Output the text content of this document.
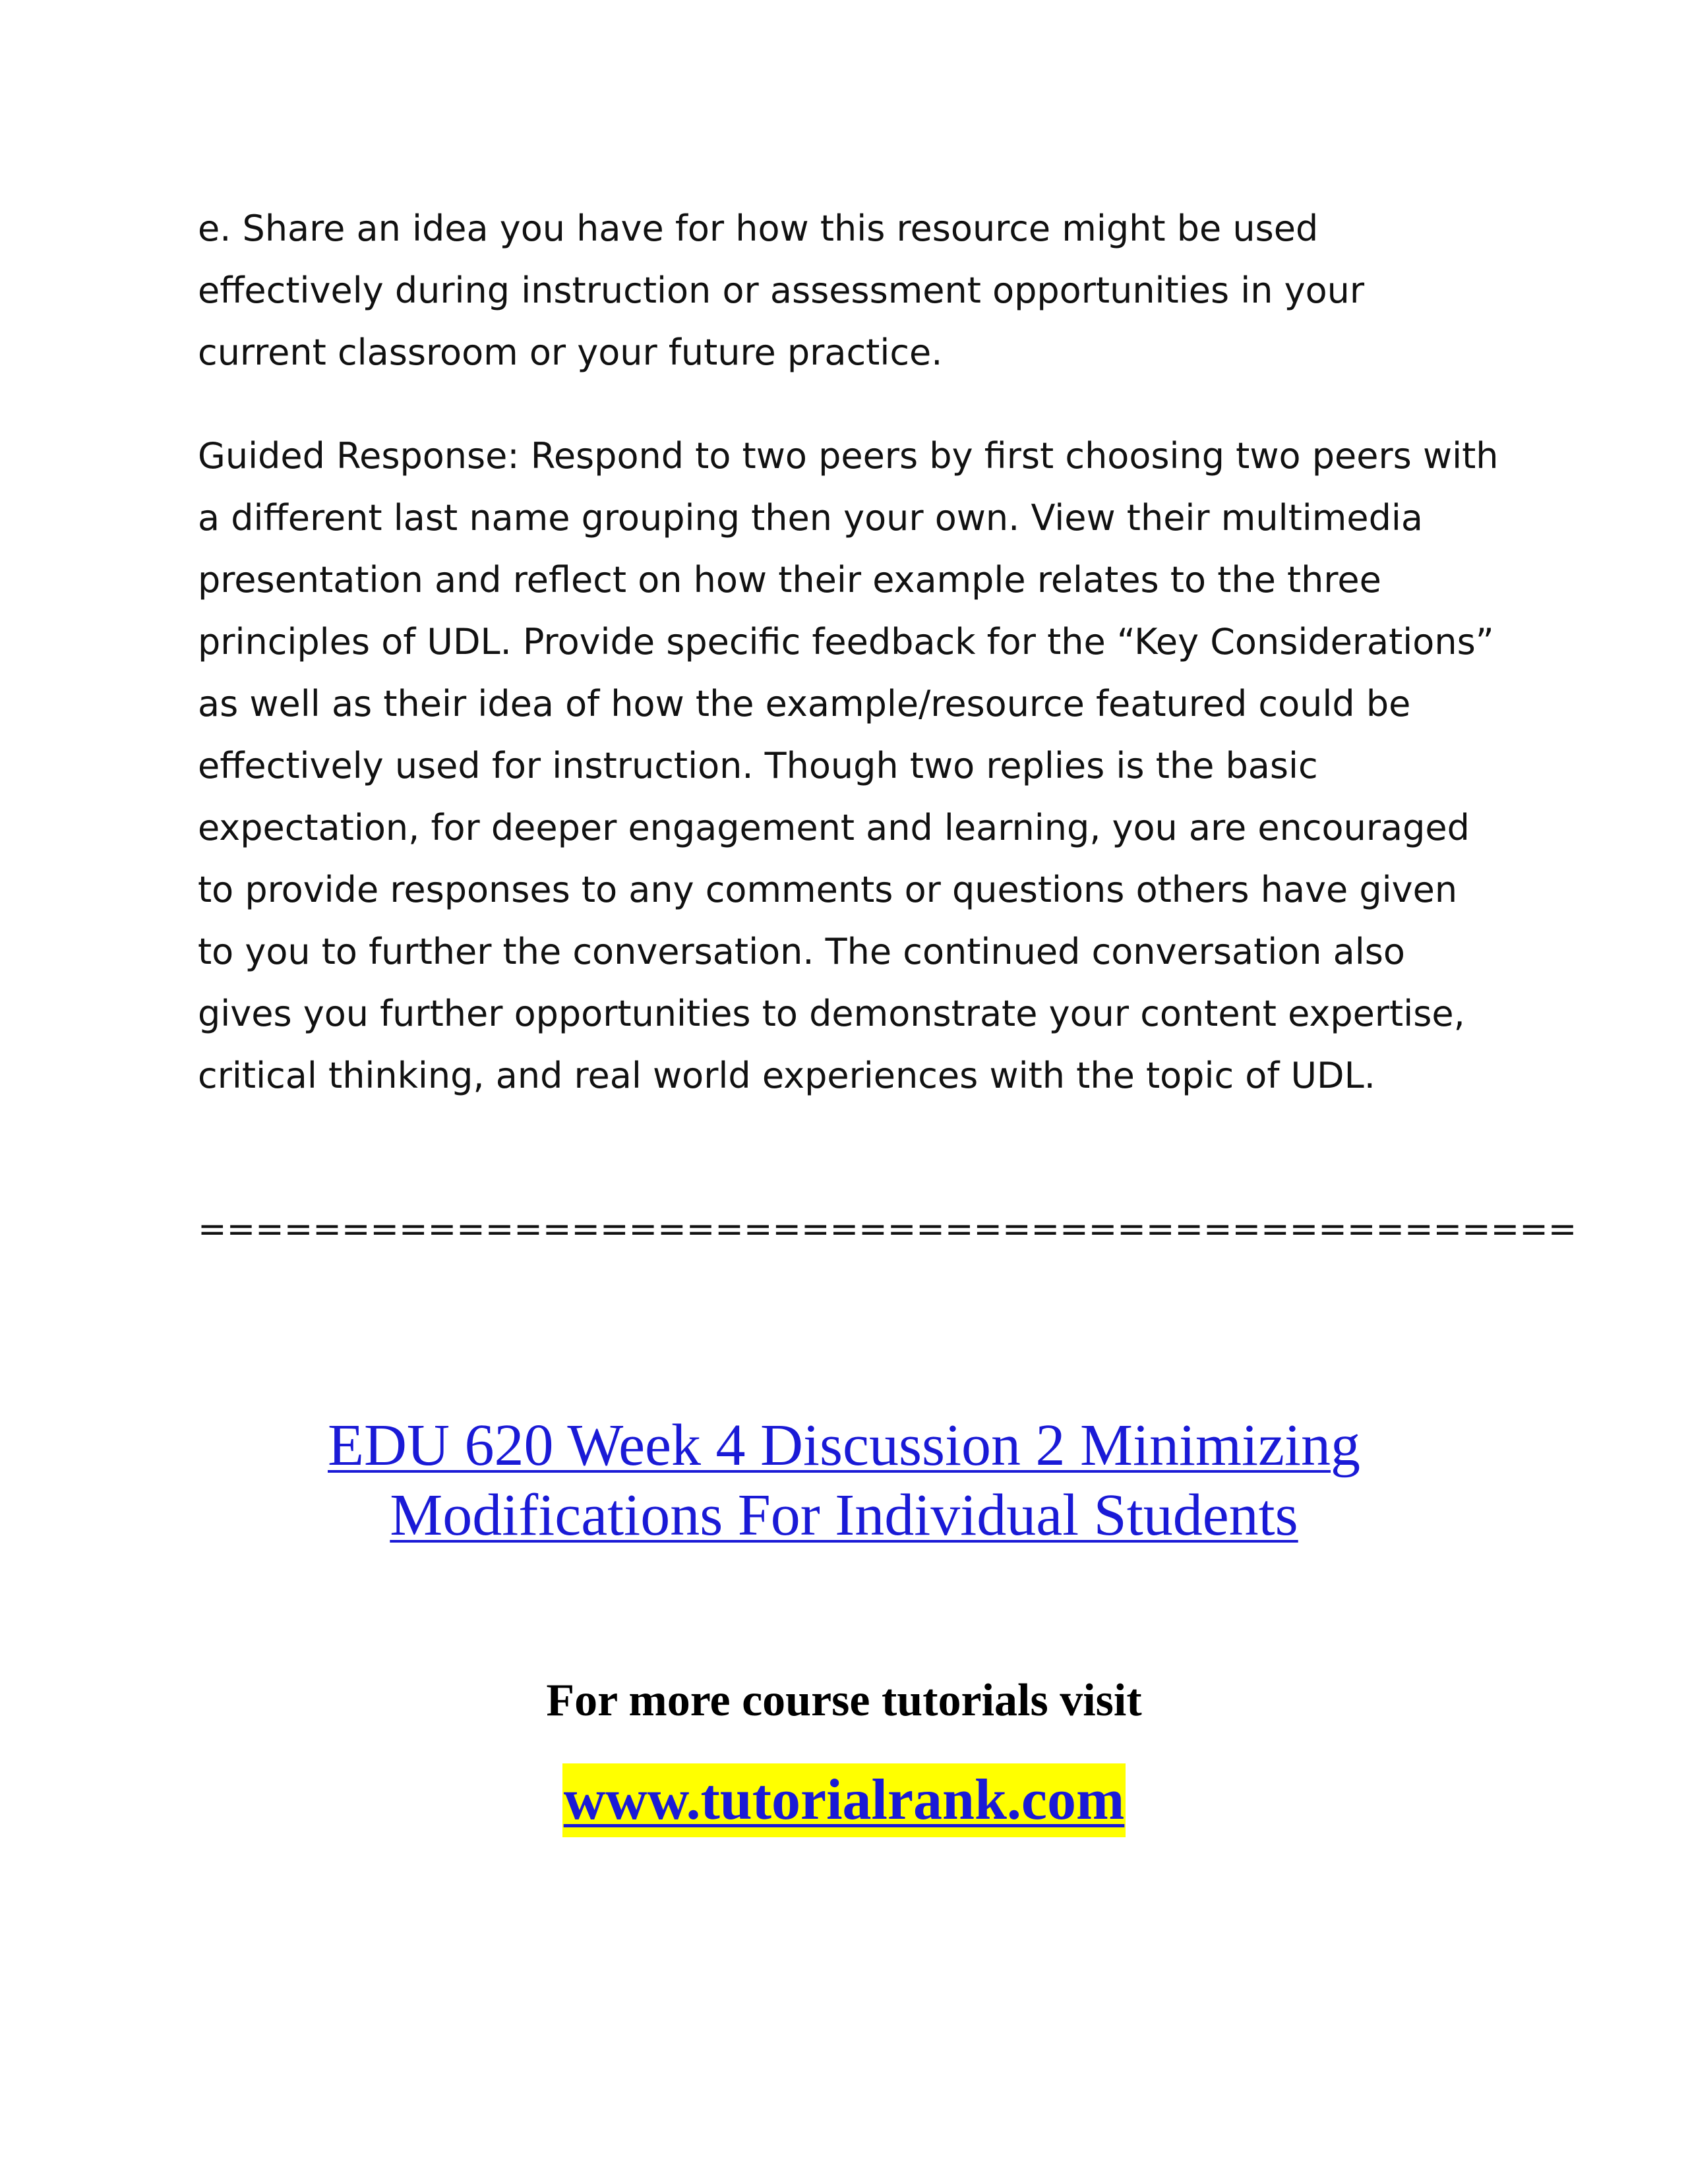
e. Share an idea you have for how this resource might be used effectively during instruction or assessment opportunities in your current classroom or your future practice.

Guided Response: Respond to two peers by first choosing two peers with a different last name grouping then your own. View their multimedia presentation and reflect on how their example relates to the three principles of UDL. Provide specific feedback for the “Key Considerations” as well as their idea of how the example/resource featured could be effectively used for instruction. Though two replies is the basic expectation, for deeper engagement and learning, you are encouraged to provide responses to any comments or questions others have given to you to further the conversation. The continued conversation also gives you further opportunities to demonstrate your content expertise, critical thinking, and real world experiences with the topic of UDL.

================================================

EDU 620 Week 4 Discussion 2 Minimizing Modifications For Individual Students

For more course tutorials visit

www.tutorialrank.com
